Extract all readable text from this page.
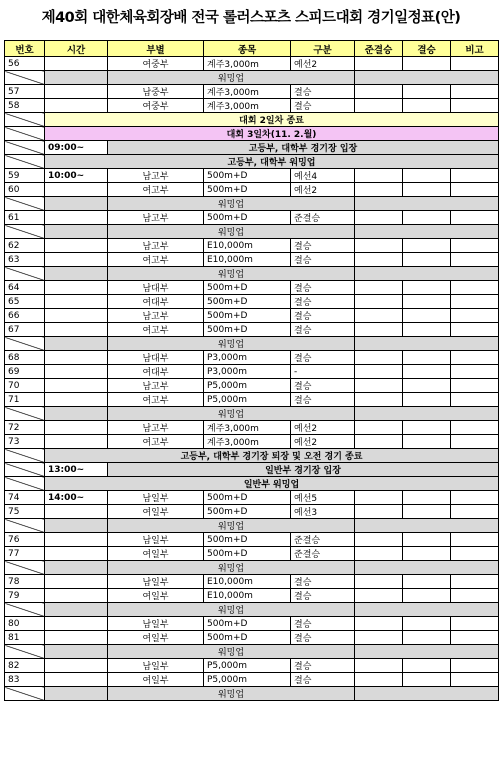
제40회 대한체육회장배 전국 롤러스포츠 스피드대회 경기일정표(안)
번호	시간	부별	종목	구분	준결승	결승	비고
56		여중부	계주3,000m	예선2			
		워밍업					
57		남중부	계주3,000m	결승			
58		여중부	계주3,000m	결승			
	대회 2일차 종료						
	대회 3일차(11. 2.월)						
	09:00~	고등부, 대학부 경기장 입장					
	고등부, 대학부 워밍업						
59	10:00~	남고부	500m+D	예선4			
60		여고부	500m+D	예선2			
		워밍업					
61		남고부	500m+D	준결승			
		워밍업					
62		남고부	E10,000m	결승			
63		여고부	E10,000m	결승			
		워밍업					
64		남대부	500m+D	결승			
65		여대부	500m+D	결승			
66		남고부	500m+D	결승			
67		여고부	500m+D	결승			
		워밍업					
68		남대부	P3,000m	결승			
69		여대부	P3,000m	-			
70		남고부	P5,000m	결승			
71		여고부	P5,000m	결승			
		워밍업					
72		남고부	계주3,000m	예선2			
73		여고부	계주3,000m	예선2			
	고등부, 대학부 경기장 퇴장 및 오전 경기 종료						
	13:00~	일반부 경기장 입장					
	일반부 워밍업						
74	14:00~	남일부	500m+D	예선5			
75		여일부	500m+D	예선3			
		워밍업					
76		남일부	500m+D	준결승			
77		여일부	500m+D	준결승			
		워밍업					
78		남일부	E10,000m	결승			
79		여일부	E10,000m	결승			
		워밍업					
80		남일부	500m+D	결승			
81		여일부	500m+D	결승			
		워밍업					
82		남일부	P5,000m	결승			
83		여일부	P5,000m	결승			
		워밍업					
